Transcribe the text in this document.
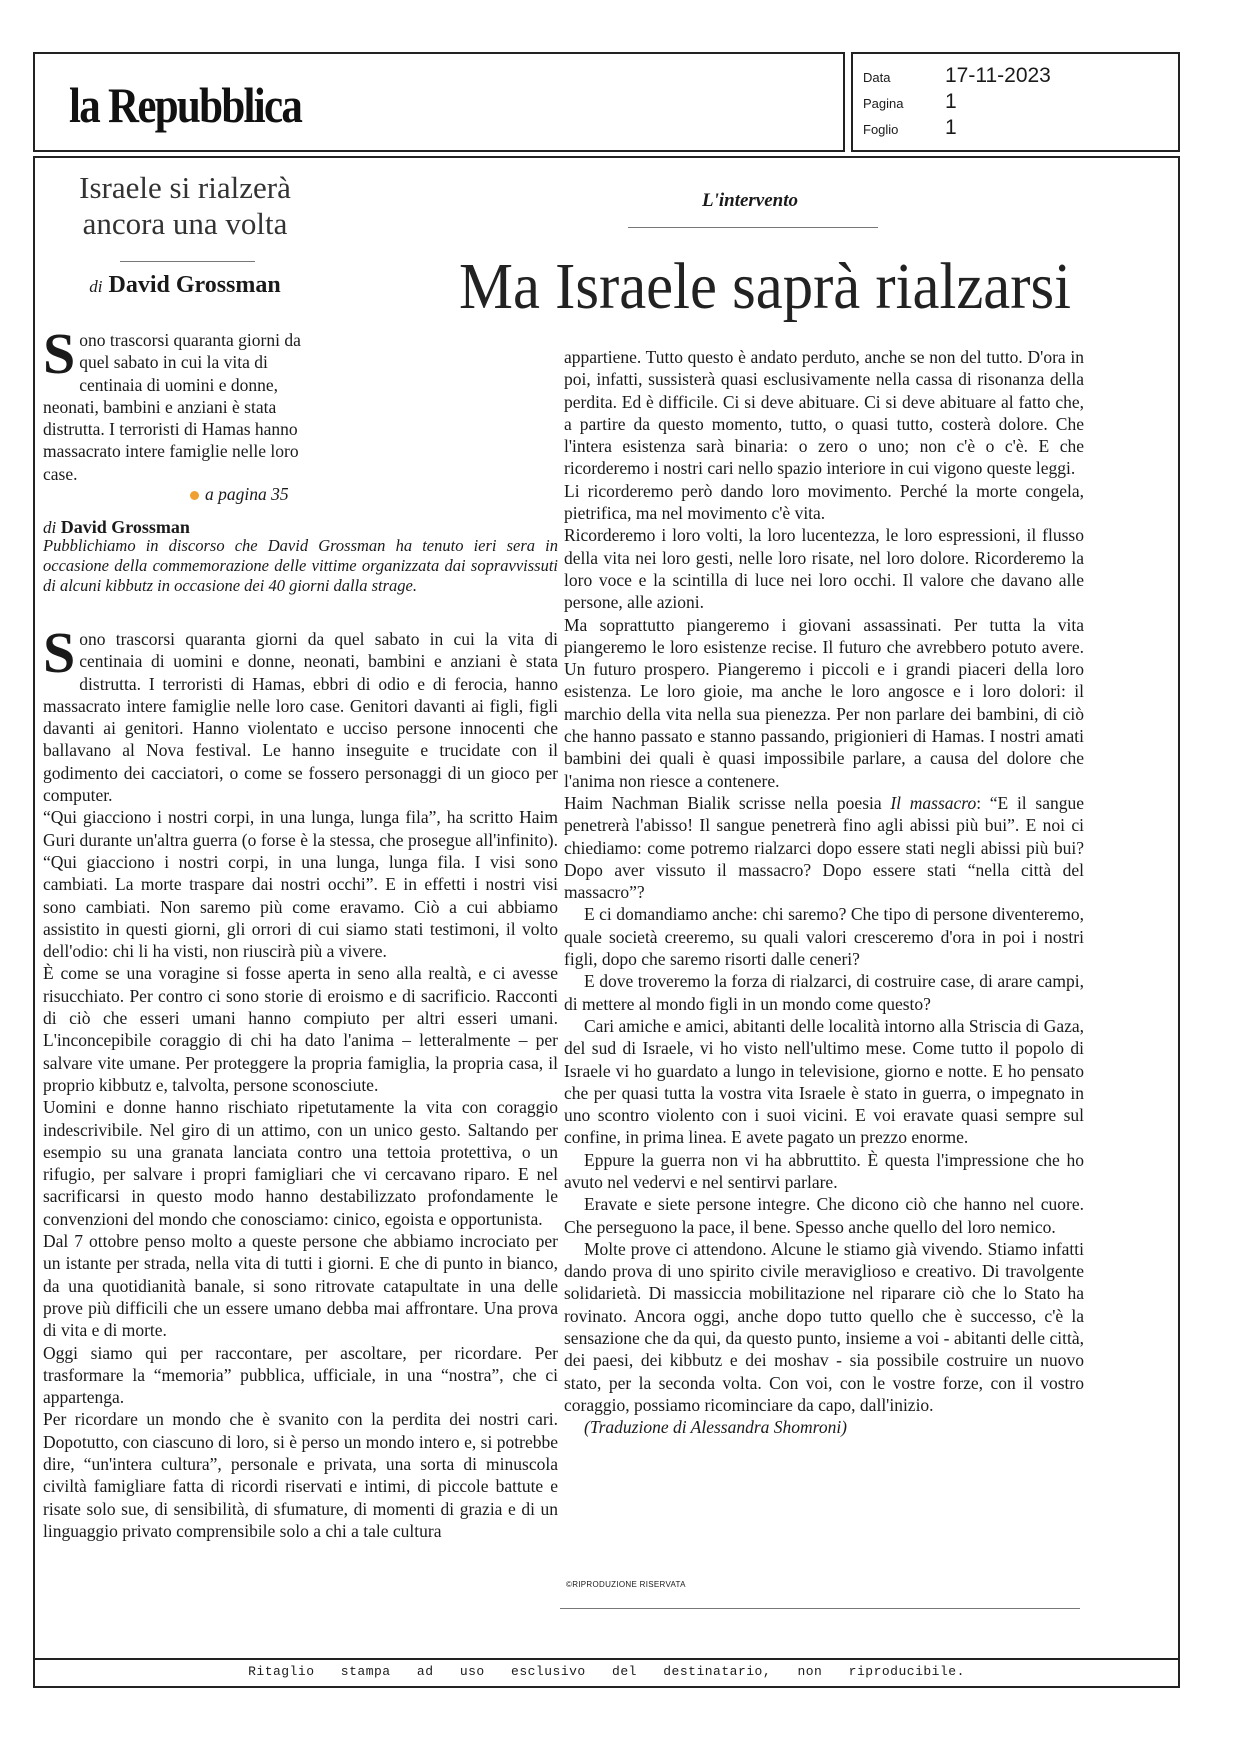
la Repubblica	Data	17-11-2023
Pagina 1
Foglio 1
Ritaglio stampa ad uso esclusivo del destinatario, non riproducibile.
Israele si rialzerà ancora una volta
di David Grossman
Sono trascorsi quaranta giorni da quel sabato in cui la vita di centinaia di uomini e donne, neonati, bambini e anziani è stata distrutta. I terroristi di Hamas hanno massacrato intere famiglie nelle loro case.
a pagina 35
L'intervento
Ma Israele saprà rialzarsi
di David Grossman
Pubblichiamo in discorso che David Grossman ha tenuto ieri sera in occasione della commemorazione delle vittime organizzata dai sopravvissuti di alcuni kibbutz in occasione dei 40 giorni dalla strage.

Sono trascorsi quaranta giorni da quel sabato in cui la vita di centinaia di uomini e donne, neonati, bambini e anziani è stata distrutta. I terroristi di Hamas, ebbri di odio e di ferocia, hanno massacrato intere famiglie nelle loro case. Genitori davanti ai figli, figli davanti ai genitori. Hanno violentato e ucciso persone innocenti che ballavano al Nova festival. Le hanno inseguite e trucidate con il godimento dei cacciatori, o come se fossero personaggi di un gioco per computer.

“Qui giacciono i nostri corpi, in una lunga, lunga fila”, ha scritto Haim Guri durante un'altra guerra (o forse è la stessa, che prosegue all'infinito). “Qui giacciono i nostri corpi, in una lunga, lunga fila. I visi sono cambiati. La morte traspare dai nostri occhi”. E in effetti i nostri visi sono cambiati. Non saremo più come eravamo. Ciò a cui abbiamo assistito in questi giorni, gli orrori di cui siamo stati testimoni, il volto dell'odio: chi li ha visti, non riuscirà più a vivere.

È come se una voragine si fosse aperta in seno alla realtà, e ci avesse risucchiato. Per contro ci sono storie di eroismo e di sacrificio. Racconti di ciò che esseri umani hanno compiuto per altri esseri umani. L'inconcepibile coraggio di chi ha dato l'anima – letteralmente – per salvare vite umane. Per proteggere la propria famiglia, la propria casa, il proprio kibbutz e, talvolta, persone sconosciute.

Uomini e donne hanno rischiato ripetutamente la vita con coraggio indescrivibile. Nel giro di un attimo, con un unico gesto. Saltando per esempio su una granata lanciata contro una tettoia protettiva, o un rifugio, per salvare i propri famigliari che vi cercavano riparo. E nel sacrificarsi in questo modo hanno destabilizzato profondamente le convenzioni del mondo che conosciamo: cinico, egoista e opportunista.

Dal 7 ottobre penso molto a queste persone che abbiamo incrociato per un istante per strada, nella vita di tutti i giorni. E che di punto in bianco, da una quotidianità banale, si sono ritrovate catapultate in una delle prove più difficili che un essere umano debba mai affrontare. Una prova di vita e di morte.

Oggi siamo qui per raccontare, per ascoltare, per ricordare. Per trasformare la “memoria” pubblica, ufficiale, in una “nostra”, che ci appartenga.

Per ricordare un mondo che è svanito con la perdita dei nostri cari. Dopotutto, con ciascuno di loro, si è perso un mondo intero e, si potrebbe dire, “un'intera cultura”, personale e privata, una sorta di minuscola civiltà famigliare fatta di ricordi riservati e intimi, di piccole battute e risate solo sue, di sensibilità, di sfumature, di momenti di grazia e di un linguaggio privato comprensibile solo a chi a tale cultura

appartiene. Tutto questo è andato perduto, anche se non del tutto. D'ora in poi, infatti, sussisterà quasi esclusivamente nella cassa di risonanza della perdita. Ed è difficile. Ci si deve abituare. Ci si deve abituare al fatto che, a partire da questo momento, tutto, o quasi tutto, costerà dolore. Che l'intera esistenza sarà binaria: o zero o uno; non c'è o c'è. E che ricorderemo i nostri cari nello spazio interiore in cui vigono queste leggi.

Li ricorderemo però dando loro movimento. Perché la morte congela, pietrifica, ma nel movimento c'è vita.

Ricorderemo i loro volti, la loro lucentezza, le loro espressioni, il flusso della vita nei loro gesti, nelle loro risate, nel loro dolore. Ricorderemo la loro voce e la scintilla di luce nei loro occhi. Il valore che davano alle persone, alle azioni.

Ma soprattutto piangeremo i giovani assassinati. Per tutta la vita piangeremo le loro esistenze recise. Il futuro che avrebbero potuto avere. Un futuro prospero. Piangeremo i piccoli e i grandi piaceri della loro esistenza. Le loro gioie, ma anche le loro angosce e i loro dolori: il marchio della vita nella sua pienezza. Per non parlare dei bambini, di ciò che hanno passato e stanno passando, prigionieri di Hamas. I nostri amati bambini dei quali è quasi impossibile parlare, a causa del dolore che l'anima non riesce a contenere.

Haim Nachman Bialik scrisse nella poesia Il massacro: “E il sangue penetrerà l'abisso! Il sangue penetrerà fino agli abissi più bui”. E noi ci chiediamo: come potremo rialzarci dopo essere stati negli abissi più bui? Dopo aver vissuto il massacro? Dopo essere stati “nella città del massacro”?

E ci domandiamo anche: chi saremo? Che tipo di persone diventeremo, quale società creeremo, su quali valori cresceremo d'ora in poi i nostri figli, dopo che saremo risorti dalle ceneri?

E dove troveremo la forza di rialzarci, di costruire case, di arare campi, di mettere al mondo figli in un mondo come questo?

Cari amiche e amici, abitanti delle località intorno alla Striscia di Gaza, del sud di Israele, vi ho visto nell'ultimo mese. Come tutto il popolo di Israele vi ho guardato a lungo in televisione, giorno e notte. E ho pensato che per quasi tutta la vostra vita Israele è stato in guerra, o impegnato in uno scontro violento con i suoi vicini. E voi eravate quasi sempre sul confine, in prima linea. E avete pagato un prezzo enorme.

Eppure la guerra non vi ha abbruttito. È questa l'impressione che ho avuto nel vedervi e nel sentirvi parlare.

Eravate e siete persone integre. Che dicono ciò che hanno nel cuore. Che perseguono la pace, il bene. Spesso anche quello del loro nemico.

Molte prove ci attendono. Alcune le stiamo già vivendo. Stiamo infatti dando prova di uno spirito civile meraviglioso e creativo. Di travolgente solidarietà. Di massiccia mobilitazione nel riparare ciò che lo Stato ha rovinato. Ancora oggi, anche dopo tutto quello che è successo, c'è la sensazione che da qui, da questo punto, insieme a voi - abitanti delle città, dei paesi, dei kibbutz e dei moshav - sia possibile costruire un nuovo stato, per la seconda volta. Con voi, con le vostre forze, con il vostro coraggio, possiamo ricominciare da capo, dall'inizio.

(Traduzione di Alessandra Shomroni)

©RIPRODUZIONE RISERVATA
